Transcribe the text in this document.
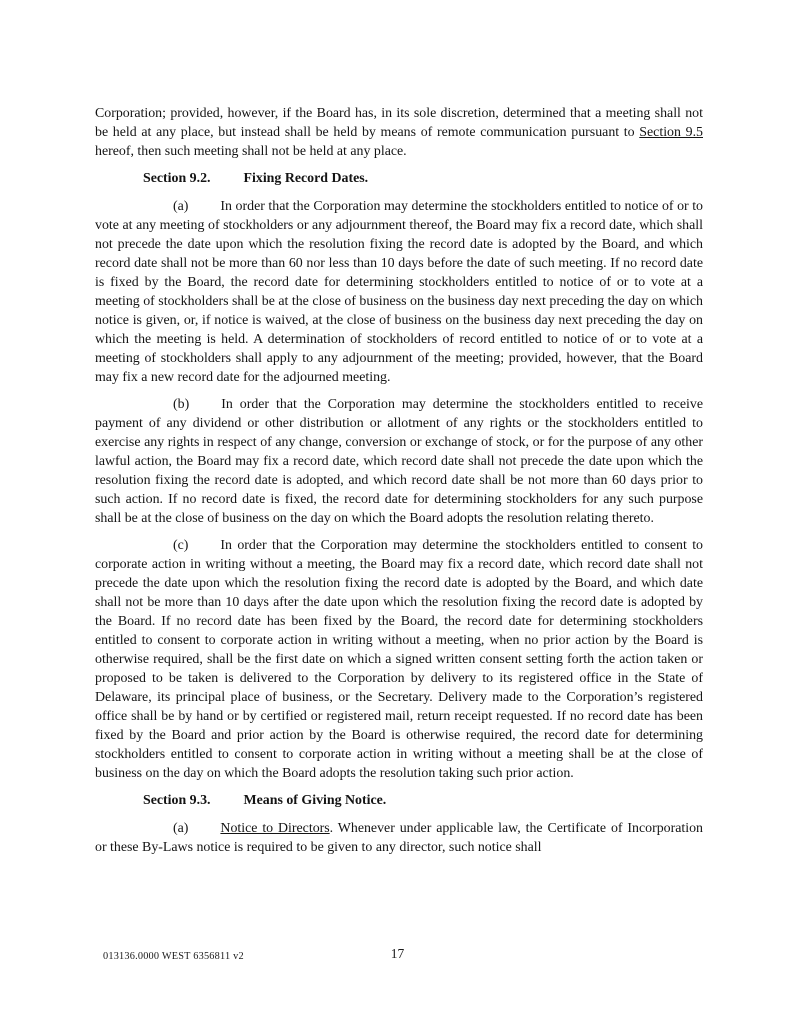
Corporation; provided, however, if the Board has, in its sole discretion, determined that a meeting shall not be held at any place, but instead shall be held by means of remote communication pursuant to Section 9.5 hereof, then such meeting shall not be held at any place.

Section 9.2. Fixing Record Dates.

(a) In order that the Corporation may determine the stockholders entitled to notice of or to vote at any meeting of stockholders or any adjournment thereof, the Board may fix a record date, which shall not precede the date upon which the resolution fixing the record date is adopted by the Board, and which record date shall not be more than 60 nor less than 10 days before the date of such meeting. If no record date is fixed by the Board, the record date for determining stockholders entitled to notice of or to vote at a meeting of stockholders shall be at the close of business on the business day next preceding the day on which notice is given, or, if notice is waived, at the close of business on the business day next preceding the day on which the meeting is held. A determination of stockholders of record entitled to notice of or to vote at a meeting of stockholders shall apply to any adjournment of the meeting; provided, however, that the Board may fix a new record date for the adjourned meeting.

(b) In order that the Corporation may determine the stockholders entitled to receive payment of any dividend or other distribution or allotment of any rights or the stockholders entitled to exercise any rights in respect of any change, conversion or exchange of stock, or for the purpose of any other lawful action, the Board may fix a record date, which record date shall not precede the date upon which the resolution fixing the record date is adopted, and which record date shall be not more than 60 days prior to such action. If no record date is fixed, the record date for determining stockholders for any such purpose shall be at the close of business on the day on which the Board adopts the resolution relating thereto.

(c) In order that the Corporation may determine the stockholders entitled to consent to corporate action in writing without a meeting, the Board may fix a record date, which record date shall not precede the date upon which the resolution fixing the record date is adopted by the Board, and which date shall not be more than 10 days after the date upon which the resolution fixing the record date is adopted by the Board. If no record date has been fixed by the Board, the record date for determining stockholders entitled to consent to corporate action in writing without a meeting, when no prior action by the Board is otherwise required, shall be the first date on which a signed written consent setting forth the action taken or proposed to be taken is delivered to the Corporation by delivery to its registered office in the State of Delaware, its principal place of business, or the Secretary. Delivery made to the Corporation’s registered office shall be by hand or by certified or registered mail, return receipt requested. If no record date has been fixed by the Board and prior action by the Board is otherwise required, the record date for determining stockholders entitled to consent to corporate action in writing without a meeting shall be at the close of business on the day on which the Board adopts the resolution taking such prior action.

Section 9.3. Means of Giving Notice.

(a) Notice to Directors. Whenever under applicable law, the Certificate of Incorporation or these By-Laws notice is required to be given to any director, such notice shall

013136.0000 WEST 6356811 v2	17
